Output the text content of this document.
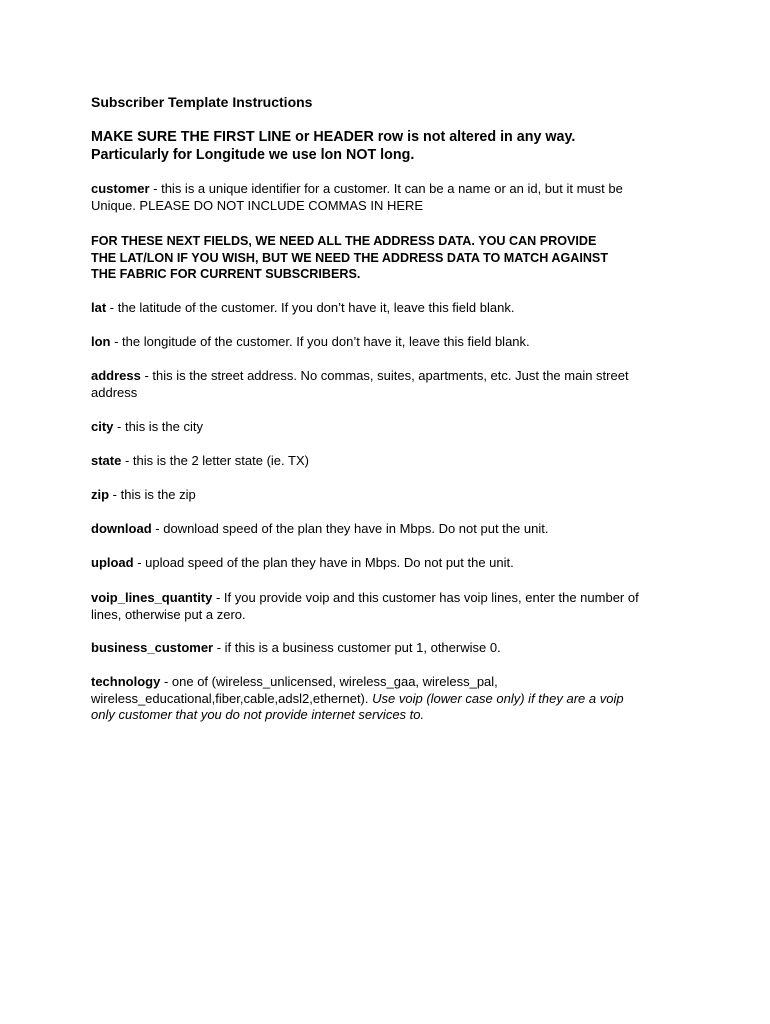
Subscriber Template Instructions
MAKE SURE THE FIRST LINE or HEADER row is not altered in any way.
Particularly for Longitude we use lon NOT long.
customer - this is a unique identifier for a customer. It can be a name or an id, but it must be
Unique. PLEASE DO NOT INCLUDE COMMAS IN HERE
FOR THESE NEXT FIELDS, WE NEED ALL THE ADDRESS DATA. YOU CAN PROVIDE
THE LAT/LON IF YOU WISH, BUT WE NEED THE ADDRESS DATA TO MATCH AGAINST
THE FABRIC FOR CURRENT SUBSCRIBERS.
lat - the latitude of the customer. If you don’t have it, leave this field blank.
lon - the longitude of the customer. If you don’t have it, leave this field blank.
address - this is the street address. No commas, suites, apartments, etc. Just the main street
address
city - this is the city
state - this is the 2 letter state (ie. TX)
zip - this is the zip
download - download speed of the plan they have in Mbps. Do not put the unit.
upload - upload speed of the plan they have in Mbps. Do not put the unit.
voip_lines_quantity - If you provide voip and this customer has voip lines, enter the number of
lines, otherwise put a zero.
business_customer - if this is a business customer put 1, otherwise 0.
technology - one of (wireless_unlicensed, wireless_gaa, wireless_pal,
wireless_educational,fiber,cable,adsl2,ethernet). Use voip (lower case only) if they are a voip
only customer that you do not provide internet services to.
